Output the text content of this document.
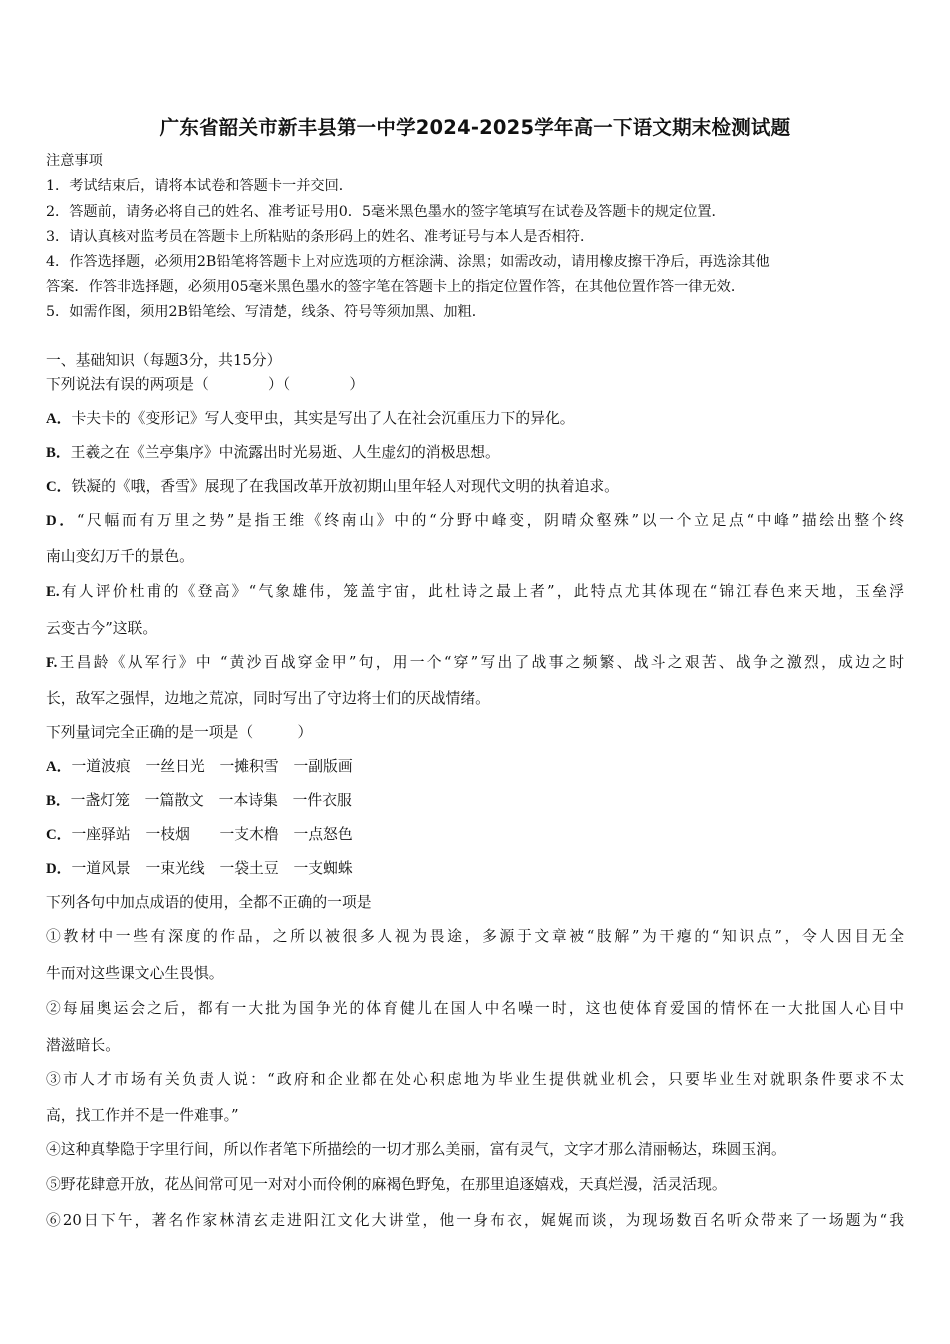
广东省韶关市新丰县第一中学2024-2025学年高一下语文期末检测试题
注意事项
1．考试结束后，请将本试卷和答题卡一并交回．
2．答题前，请务必将自己的姓名、准考证号用0．5毫米黑色墨水的签字笔填写在试卷及答题卡的规定位置．
3．请认真核对监考员在答题卡上所粘贴的条形码上的姓名、准考证号与本人是否相符．
4．作答选择题，必须用2B铅笔将答题卡上对应选项的方框涂满、涂黑；如需改动，请用橡皮擦干净后，再选涂其他
答案．作答非选择题，必须用05毫米黑色墨水的签字笔在答题卡上的指定位置作答，在其他位置作答一律无效．
5．如需作图，须用2B铅笔绘、写清楚，线条、符号等须加黑、加粗．
一、基础知识（每题3分，共15分）
下列说法有误的两项是（　　　　）（　　　　）
A．卡夫卡的《变形记》写人变甲虫，其实是写出了人在社会沉重压力下的异化。
B．王羲之在《兰亭集序》中流露出时光易逝、人生虚幻的消极思想。
C．铁凝的《哦，香雪》展现了在我国改革开放初期山里年轻人对现代文明的执着追求。
D．“尺幅而有万里之势”是指王维《终南山》中的“分野中峰变，阴晴众壑殊”以一个立足点“中峰”描绘出整个终
南山变幻万千的景色。
E.有人评价杜甫的《登高》“气象雄伟，笼盖宇宙，此杜诗之最上者”，此特点尤其体现在“锦江春色来天地，玉垒浮
云变古今”这联。
F.王昌龄《从军行》中 “黄沙百战穿金甲”句，用一个“穿”写出了战事之频繁、战斗之艰苦、战争之激烈，成边之时
长，敌军之强悍，边地之荒凉，同时写出了守边将士们的厌战情绪。
下列量词完全正确的是一项是（　　　）
A．一道波痕　一丝日光　一摊积雪　一副版画
B．一盏灯笼　一篇散文　一本诗集　一件衣服
C．一座驿站　一枝烟　　一支木橹　一点怒色
D．一道风景　一束光线　一袋土豆　一支蜘蛛
下列各句中加点成语的使用，全都不正确的一项是
①教材中一些有深度的作品，之所以被很多人视为畏途，多源于文章被“肢解”为干瘪的“知识点”，令人因目无全
牛而对这些课文心生畏惧。
②每届奥运会之后，都有一大批为国争光的体育健儿在国人中名噪一时，这也使体育爱国的情怀在一大批国人心目中
潜滋暗长。
③市人才市场有关负责人说：“政府和企业都在处心积虑地为毕业生提供就业机会，只要毕业生对就职条件要求不太
高，找工作并不是一件难事。”
④这种真挚隐于字里行间，所以作者笔下所描绘的一切才那么美丽，富有灵气，文字才那么清丽畅达，珠圆玉润。
⑤野花肆意开放，花丛间常可见一对对小而伶俐的麻褐色野兔，在那里追逐嬉戏，天真烂漫，活灵活现。
⑥20日下午，著名作家林清玄走进阳江文化大讲堂，他一身布衣，娓娓而谈，为现场数百名听众带来了一场题为“我
